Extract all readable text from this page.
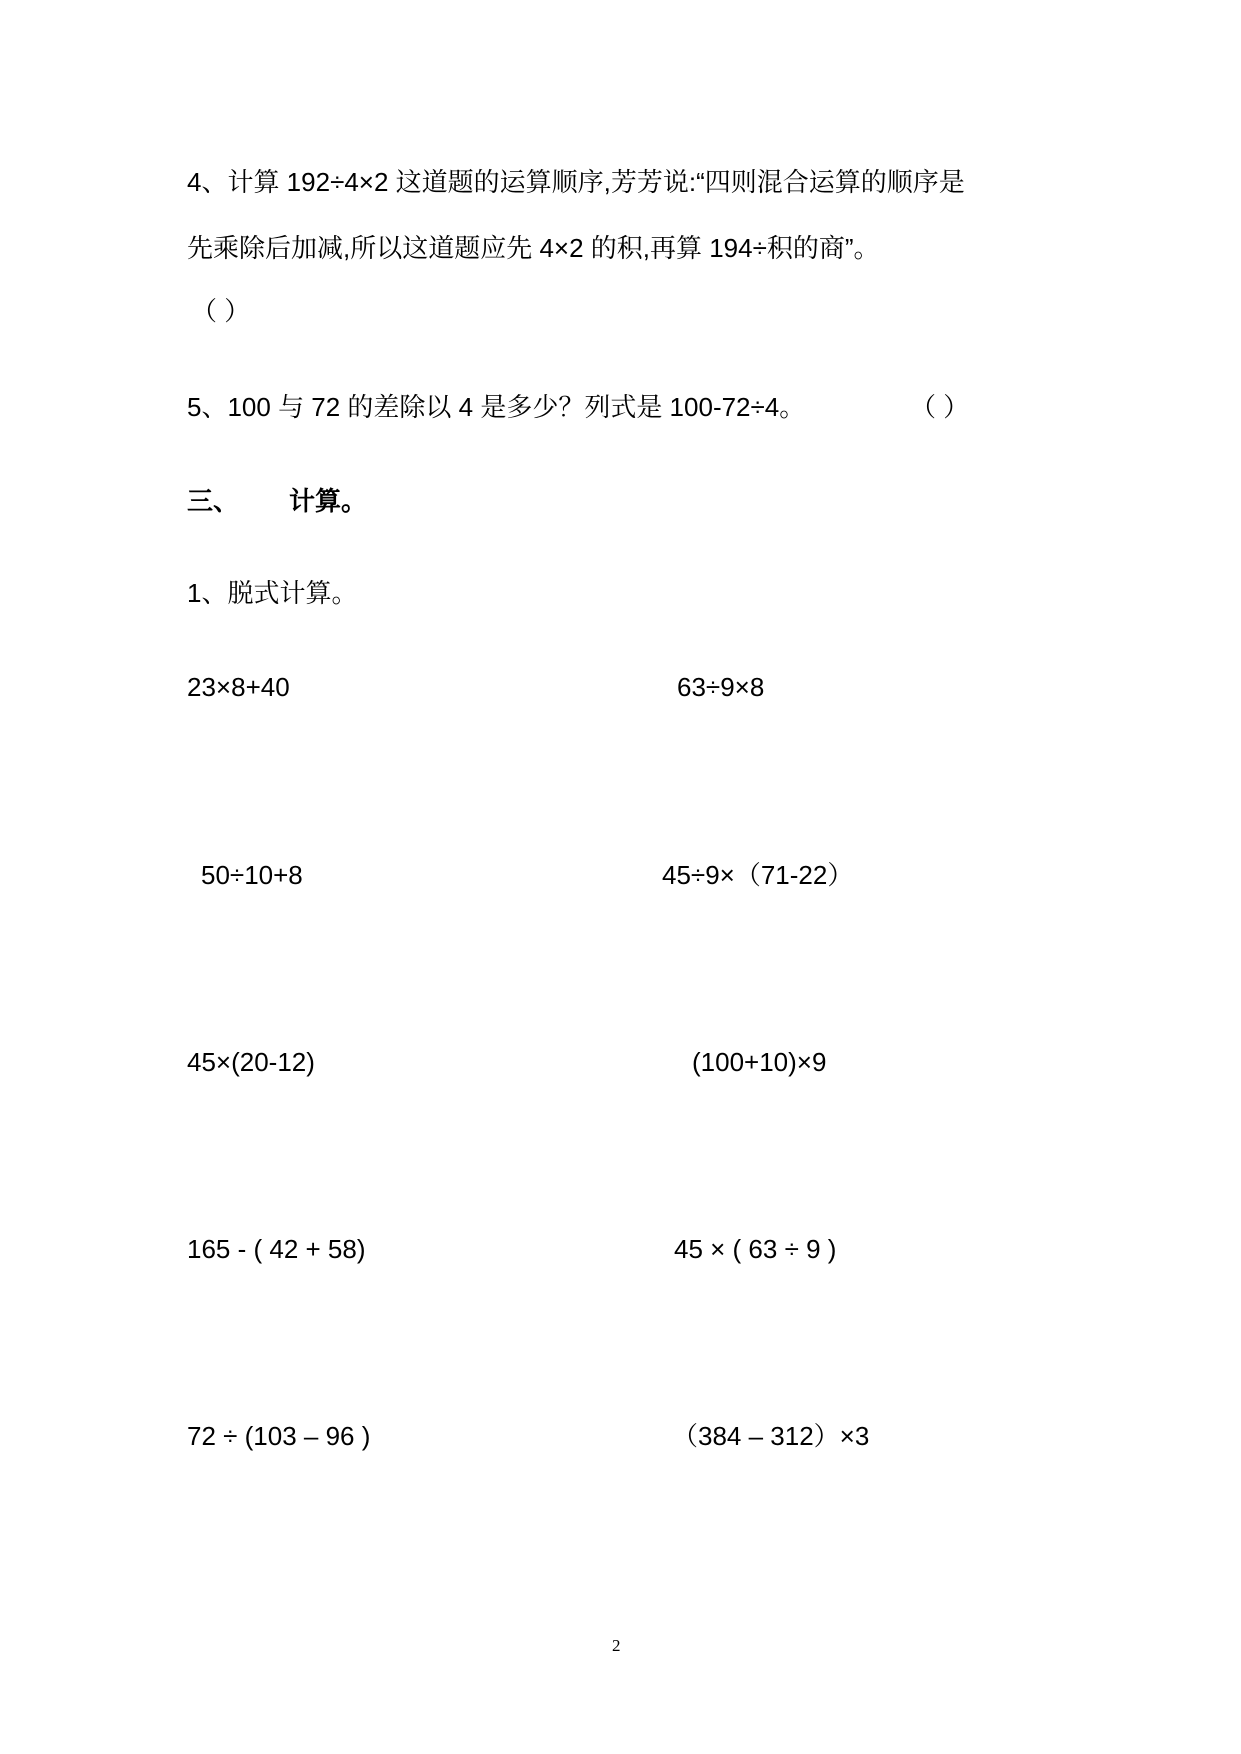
4、计算 192÷4×2 这道题的运算顺序,芳芳说:“四则混合运算的顺序是
先乘除后加减,所以这道题应先 4×2 的积,再算 194÷积的商”。
（ ）
5、100 与 72 的差除以 4 是多少？列式是 100-72÷4。	（ ）
三、 计算。
1、脱式计算。
23×8+40	63÷9×8
50÷10+8	45÷9×（71-22）
45×(20-12)	(100+10)×9
165 - ( 42 + 58)	45 × ( 63 ÷ 9 )
72 ÷ (103 – 96 )	（384 – 312）×3
2
